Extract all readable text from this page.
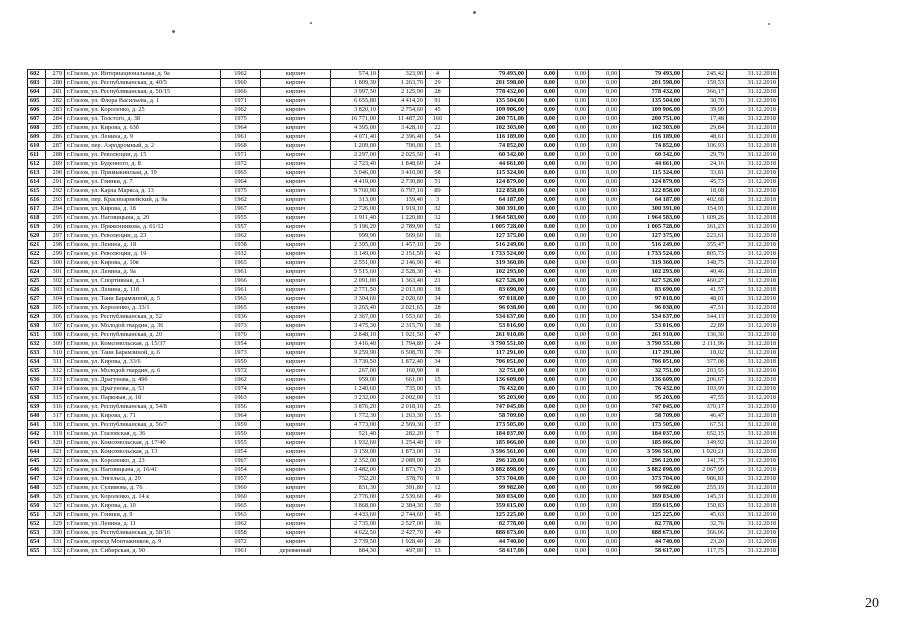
602	279	г.Глазов, ул. Интернациональная, д. 9а	1962	кирпич	574,10	323,90	4	79 493,00	0,00	0,00	0,00	79 493,00	245,42	31.12.2018
603	280	г.Глазов, ул. Республиканская, д. 40/5	1960	кирпич	1 809,30	1 263,70	29	201 598,00	0,00	0,00	0,00	201 598,00	159,53	31.12.2018
604	281	г.Глазов, ул. Республиканская, д. 50/15	1966	кирпич	3 997,50	2 125,90	28	778 432,00	0,00	0,00	0,00	778 432,00	366,17	31.12.2018
605	282	г.Глазов, ул. Флора Васильева, д. 1	1971	кирпич	6 655,80	4 414,20	91	135 504,00	0,00	0,00	0,00	135 504,00	30,70	31.12.2018
606	283	г.Глазов, ул. Короленко, д. 25	1962	кирпич	3 820,10	2 754,60	45	109 906,00	0,00	0,00	0,00	109 906,00	39,90	31.12.2018
607	284	г.Глазов, ул. Толстого, д. 38	1975	кирпич	16 771,00	11 487,20	166	200 751,00	0,00	0,00	0,00	200 751,00	17,48	31.12.2018
608	285	г.Глазов, ул. Кирова, д. 63б	1964	кирпич	4 395,00	3 428,10	22	102 303,00	0,00	0,00	0,00	102 303,00	29,84	31.12.2018
609	286	г.Глазов, ул. Ленина, д. 9	1961	кирпич	4 071,40	2 396,40	54	116 189,00	0,00	0,00	0,00	116 189,00	48,61	31.12.2018
610	287	г.Глазов, пер. Аэродромный, д. 2	1968	кирпич	1 209,00	700,00	15	74 852,00	0,00	0,00	0,00	74 852,00	106,93	31.12.2018
611	288	г.Глазов, ул. Революции, д. 15	1971	кирпич	2 297,00	2 025,50	41	60 342,00	0,00	0,00	0,00	60 342,00	29,79	31.12.2018
612	289	г.Глазов, ул. Буденного, д. 8	1972	кирпич	2 723,40	1 848,60	24	44 661,00	0,00	0,00	0,00	44 661,00	24,16	31.12.2018
613	290	г.Глазов, ул. Примыкинская, д. 19	1965	кирпич	5 046,00	3 410,90	58	115 324,00	0,00	0,00	0,00	115 324,00	33,81	31.12.2018
614	291	г.Глазов, ул. Глинки, д. 7	1964	кирпич	4 419,00	2 730,80	51	124 879,00	0,00	0,00	0,00	124 879,00	45,73	31.12.2018
615	292	г.Глазов, ул. Карла Маркса, д. 13	1975	кирпич	9 760,90	6 797,10	89	122 858,00	0,00	0,00	0,00	122 858,00	18,08	31.12.2018
616	293	г.Глазов, пер. Красноармейский, д. 9а	1962	кирпич	313,00	159,40	3	64 187,00	0,00	0,00	0,00	64 187,00	402,68	31.12.2018
617	294	г.Глазов, ул. Кирова, д. 18	1967	кирпич	2 726,00	1 919,10	32	300 391,00	0,00	0,00	0,00	300 391,00	154,91	31.12.2018
618	295	г.Глазов, ул. Наговицына, д. 20	1955	кирпич	1 911,40	1 220,80	32	1 964 583,00	0,00	0,00	0,00	1 964 583,00	1 609,26	31.12.2018
619	296	г.Глазов, ул. Пряженникова, д. 61/12	1957	кирпич	5 196,20	2 789,90	52	1 005 728,00	0,00	0,00	0,00	1 005 728,00	361,23	31.12.2018
620	297	г.Глазов, ул. Революции, д. 23	1962	кирпич	999,90	569,60	16	127 375,00	0,00	0,00	0,00	127 375,00	223,61	31.12.2018
621	298	г.Глазов, ул. Ленина, д. 18	1938	кирпич	2 395,00	1 457,10	29	516 249,00	0,00	0,00	0,00	516 249,00	355,47	31.12.2018
622	299	г.Глазов, ул. Революции, д. 19	1932	кирпич	3 149,00	2 151,50	42	1 733 524,00	0,00	0,00	0,00	1 733 524,00	805,73	31.12.2018
623	300	г.Глазов, ул. Кирова, д. 10в	1965	кирпич	2 551,00	2 146,90	46	319 360,00	0,00	0,00	0,00	319 360,00	148,75	31.12.2018
624	301	г.Глазов, ул. Ленина, д. 9а	1961	кирпич	5 515,60	2 528,30	43	102 293,00	0,00	0,00	0,00	102 293,00	40,46	31.12.2018
625	302	г.Глазов, ул. Спортивная, д. 1	1966	кирпич	2 091,00	1 363,40	21	627 526,00	0,00	0,00	0,00	627 526,00	460,27	31.12.2018
626	303	г.Глазов, ул. Ленина, д. 11б	1961	кирпич	2 771,50	2 013,00	38	83 690,00	0,00	0,00	0,00	83 690,00	41,57	31.12.2018
627	304	г.Глазов, ул. Тани Барамзиной, д. 5	1963	кирпич	3 304,60	2 020,60	34	97 018,00	0,00	0,00	0,00	97 018,00	48,01	31.12.2018
628	305	г.Глазов, ул. Короленко, д. 33/1	1965	кирпич	3 265,40	2 021,65	28	96 038,00	0,00	0,00	0,00	96 038,00	47,51	31.12.2018
629	306	г.Глазов, ул. Республиканская, д. 52	1936	кирпич	2 367,00	1 553,60	26	534 637,00	0,00	0,00	0,00	534 637,00	344,13	31.12.2018
630	307	г.Глазов, ул. Молодой гвардии, д. 36	1973	кирпич	3 475,30	2 315,70	38	53 016,00	0,00	0,00	0,00	53 016,00	22,89	31.12.2018
631	308	г.Глазов, ул. Республиканская, д. 20	1970	кирпич	2 848,10	1 921,50	47	261 910,00	0,00	0,00	0,00	261 910,00	136,30	31.12.2018
632	309	г.Глазов, ул. Комсомольская, д. 15/37	1954	кирпич	3 416,40	1 794,80	24	3 790 551,00	0,00	0,00	0,00	3 790 551,00	2 111,96	31.12.2018
633	310	г.Глазов, ул. Тани Барамзиной, д. 6	1973	кирпич	9 259,90	6 508,70	79	117 291,00	0,00	0,00	0,00	117 291,00	18,02	31.12.2018
634	311	г.Глазов, ул. Кирова, д. 33/6	1959	кирпич	3 730,50	1 872,40	34	706 051,00	0,00	0,00	0,00	706 051,00	377,08	31.12.2018
635	312	г.Глазов, ул. Молодой гвардии, д. 6	1972	кирпич	267,00	160,90	8	32 751,00	0,00	0,00	0,00	32 751,00	203,55	31.12.2018
636	313	г.Глазов, ул. Драгунова, д. 49б	1962	кирпич	959,00	661,00	15	136 609,00	0,00	0,00	0,00	136 609,00	206,67	31.12.2018
637	314	г.Глазов, ул. Драгунова, д. 53	1974	кирпич	1 240,60	735,00	15	76 432,00	0,00	0,00	0,00	76 432,00	103,99	31.12.2018
638	315	г.Глазов, ул. Парковая, д. 18	1963	кирпич	3 232,00	2 002,00	31	95 203,00	0,00	0,00	0,00	95 203,00	47,55	31.12.2018
639	316	г.Глазов, ул. Республиканская, д. 54/8	1956	кирпич	3 876,20	2 018,10	25	747 045,00	0,00	0,00	0,00	747 045,00	370,17	31.12.2018
640	317	г.Глазов, ул. Кирова, д. 71	1964	кирпич	1 772,30	1 263,30	15	58 709,00	0,00	0,00	0,00	58 709,00	46,47	31.12.2018
641	318	г.Глазов, ул. Республиканская, д. 56/7	1959	кирпич	4 773,00	2 569,30	37	173 505,00	0,00	0,00	0,00	173 505,00	67,51	31.12.2018
642	319	г.Глазов, ул. Глазовская, д. 36	1959	кирпич	521,40	282,20	7	184 037,00	0,00	0,00	0,00	184 037,00	652,15	31.12.2018
643	320	г.Глазов, ул. Комсомольская, д. 17/40	1955	кирпич	1 932,60	1 254,40	19	185 066,00	0,00	0,00	0,00	185 066,00	149,92	31.12.2018
644	321	г.Глазов, ул. Комсомольская, д. 13	1954	кирпич	3 159,00	1 873,00	31	3 596 561,00	0,00	0,00	0,00	3 596 561,00	1 920,21	31.12.2018
645	322	г.Глазов, ул. Короленко, д. 23	1967	кирпич	2 352,00	2 089,00	28	296 120,00	0,00	0,00	0,00	296 120,00	141,75	31.12.2018
646	323	г.Глазов, ул. Наговицына, д. 16/41	1954	кирпич	3 482,00	1 873,70	23	3 882 898,00	0,00	0,00	0,00	3 882 898,00	2 067,90	31.12.2018
647	324	г.Глазов, ул. Энгельса, д. 29	1957	кирпич	752,20	378,70	9	373 704,00	0,00	0,00	0,00	373 704,00	986,81	31.12.2018
648	325	г.Глазов, ул. Сулимова, д. 76	1960	кирпич	831,30	391,80	12	99 982,00	0,00	0,00	0,00	99 982,00	255,19	31.12.2018
649	326	г.Глазов, ул. Короленко, д. 14 к	1960	кирпич	2 776,00	2 539,60	49	369 034,00	0,00	0,00	0,00	369 034,00	145,31	31.12.2018
650	327	г.Глазов, ул. Кирова, д. 10	1965	кирпич	3 868,00	2 384,30	50	359 615,00	0,00	0,00	0,00	359 615,00	150,83	31.12.2018
651	328	г.Глазов, ул. Глинки, д. 9	1963	кирпич	4 433,60	2 744,60	45	125 225,00	0,00	0,00	0,00	125 225,00	45,63	31.12.2018
652	329	г.Глазов, ул. Ленина, д. 11	1962	кирпич	2 735,00	2 527,00	36	82 778,00	0,00	0,00	0,00	82 778,00	32,76	31.12.2018
653	330	г.Глазов, ул. Республиканская, д. 58/16	1958	кирпич	4 622,50	2 427,70	49	888 673,00	0,00	0,00	0,00	888 673,00	366,06	31.12.2018
654	331	г.Глазов, проезд Монтажников, д. 9	1972	кирпич	2 739,50	1 928,40	28	44 740,00	0,00	0,00	0,00	44 740,00	23,20	31.12.2018
655	332	г.Глазов, ул. Сибирская, д. 90	1961	деревянный	884,30	497,80	13	58 617,00	0,00	0,00	0,00	58 617,00	117,75	31.12.2018
20
